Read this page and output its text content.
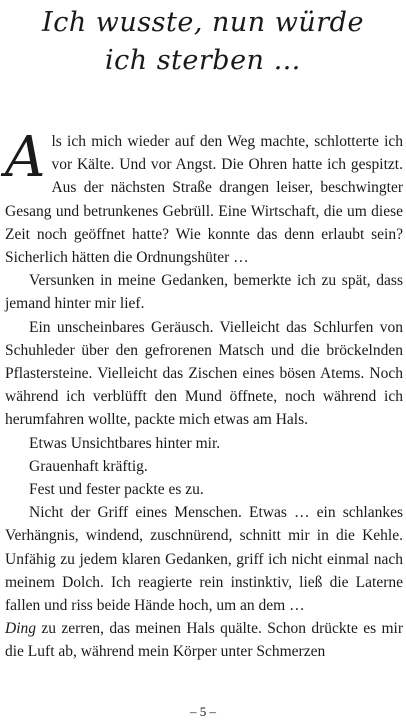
Ich wusste, nun würde
ich sterben …

Als ich mich wieder auf den Weg machte, schlotterte ich vor Kälte. Und vor Angst. Die Ohren hatte ich gespitzt. Aus der nächsten Straße drangen leiser, beschwingter Gesang und betrunkenes Gebrüll. Eine Wirtschaft, die um diese Zeit noch geöffnet hatte? Wie konnte das denn erlaubt sein? Sicherlich hätten die Ordnungshüter …

Versunken in meine Gedanken, bemerkte ich zu spät, dass jemand hinter mir lief.

Ein unscheinbares Geräusch. Vielleicht das Schlurfen von Schuhleder über den gefrorenen Matsch und die bröckelnden Pflastersteine. Vielleicht das Zischen eines bösen Atems. Noch während ich verblüfft den Mund öffnete, noch während ich herumfahren wollte, packte mich etwas am Hals.

Etwas Unsichtbares hinter mir.

Grauenhaft kräftig.

Fest und fester packte es zu.

Nicht der Griff eines Menschen. Etwas … ein schlankes Verhängnis, windend, zuschnürend, schnitt mir in die Kehle. Unfähig zu jedem klaren Gedanken, griff ich nicht einmal nach meinem Dolch. Ich reagierte rein instinktiv, ließ die Laterne fallen und riss beide Hände hoch, um an dem …
Ding zu zerren, das meinen Hals quälte. Schon drückte es mir die Luft ab, während mein Körper unter Schmerzen

– 5 –
